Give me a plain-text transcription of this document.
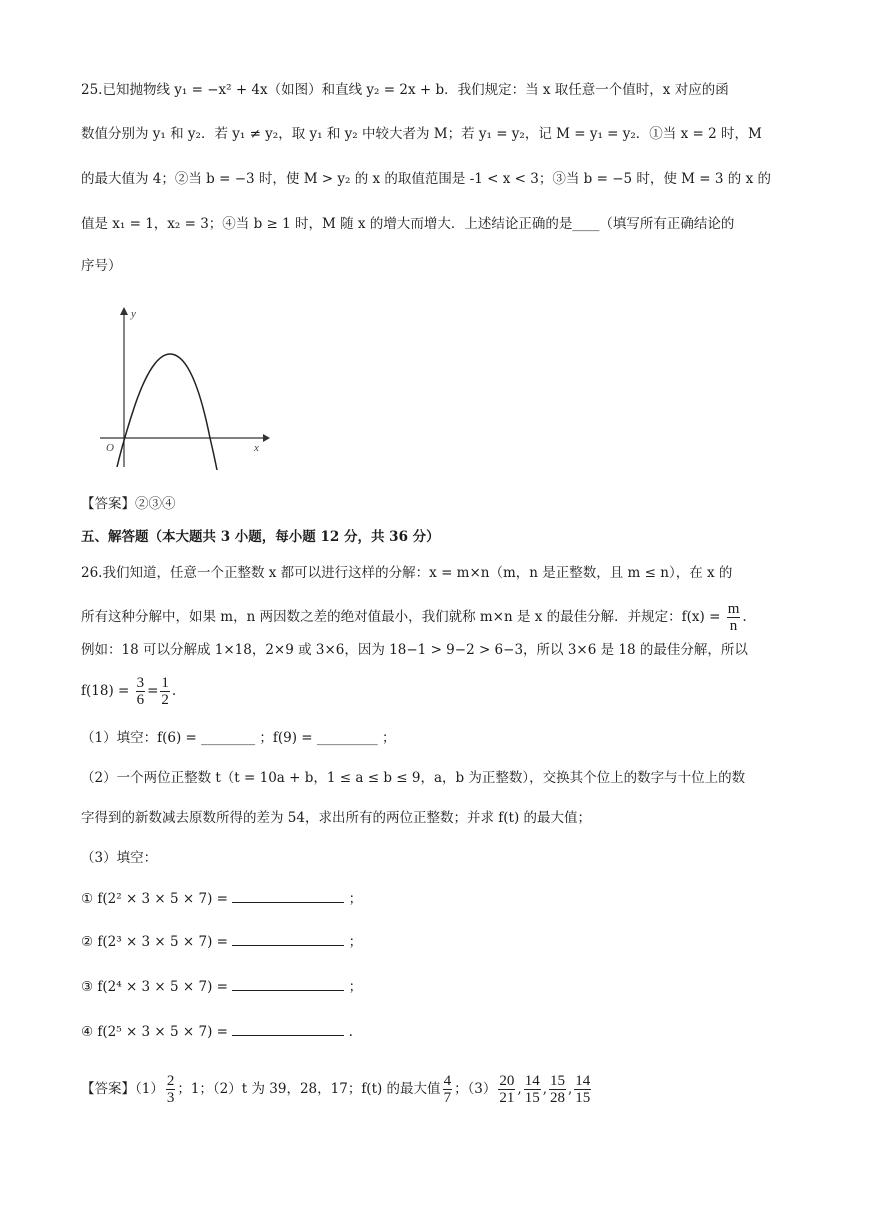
25.已知抛物线 y₁ = −x² + 4x（如图）和直线 y₂ = 2x + b．我们规定：当 x 取任意一个值时，x 对应的函
数值分别为 y₁ 和 y₂．若 y₁ ≠ y₂，取 y₁ 和 y₂ 中较大者为 M；若 y₁ = y₂，记 M = y₁ = y₂．①当 x = 2 时，M
的最大值为 4；②当 b = −3 时，使 M > y₂ 的 x 的取值范围是 -1 < x < 3；③当 b = −5 时，使 M = 3 的 x 的
值是 x₁ = 1，x₂ = 3；④当 b ≥ 1 时，M 随 x 的增大而增大．上述结论正确的是____（填写所有正确结论的
序号）
y
x
O
【答案】②③④
五、解答题（本大题共 3 小题，每小题 12 分，共 36 分）
26.我们知道，任意一个正整数 x 都可以进行这样的分解：x = m×n（m，n 是正整数，且 m ≤ n），在 x 的
所有这种分解中，如果 m，n 两因数之差的绝对值最小，我们就称 m×n 是 x 的最佳分解．并规定：$f(x) = \frac{m}{n}$ .
例如：18 可以分解成 1×18，2×9 或 3×6，因为 18−1 > 9−2 > 6−3，所以 3×6 是 18 的最佳分解，所以
$f(18) = \frac{3}{6} = \frac{1}{2}$ .
（1）填空：f(6) = ________ ；f(9) = _________ ；
（2）一个两位正整数 t（t = 10a + b，1 ≤ a ≤ b ≤ 9，a，b 为正整数），交换其个位上的数字与十位上的数
字得到的新数减去原数所得的差为 54，求出所有的两位正整数；并求 f(t) 的最大值；
（3）填空：
① f(2² × 3 × 5 × 7) =	；
② f(2³ × 3 × 5 × 7) =	；
③ f(2⁴ × 3 × 5 × 7) =	；
④ f(2⁵ × 3 × 5 × 7) =	.
【答案】$(1) \frac{2}{3}$ ；1；（2）t 为 39，28，17；f(t) 的最大值 $\frac{4}{7}$ ；$(3) \frac{20}{21}$ , $\frac{14}{15}$ , $\frac{15}{28}$ , $\frac{14}{15}$
